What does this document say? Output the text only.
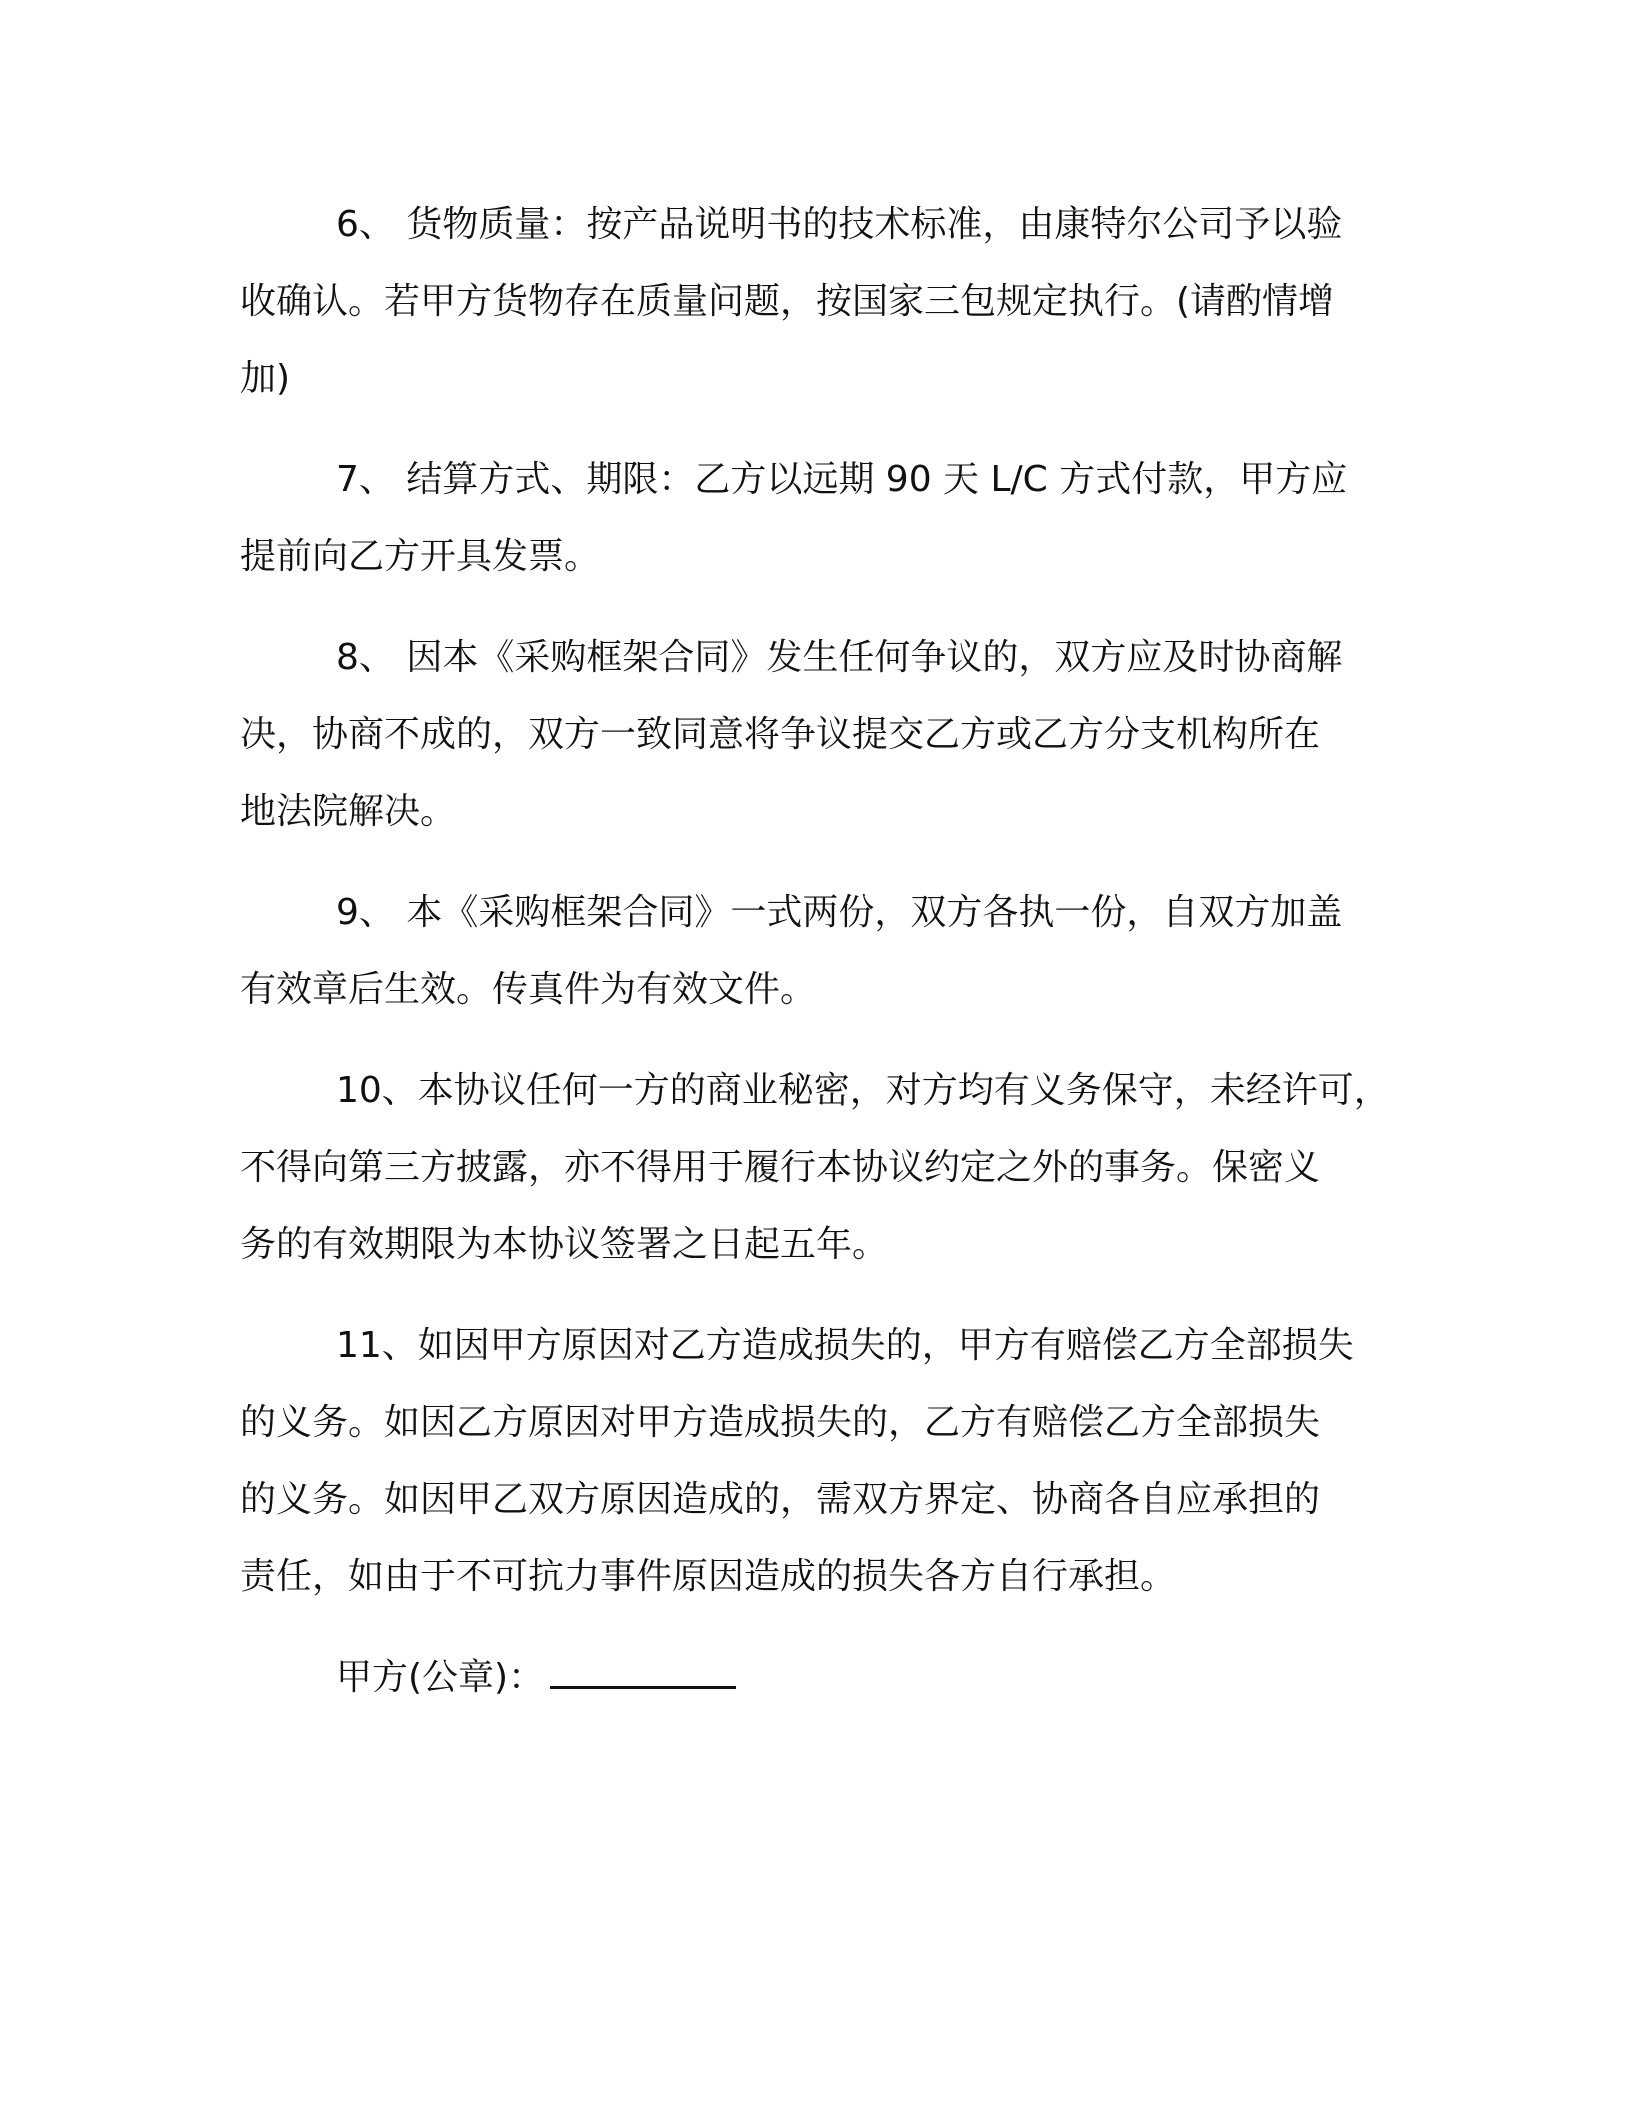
6、 货物质量：按产品说明书的技术标准，由康特尔公司予以验
收确认。若甲方货物存在质量问题，按国家三包规定执行。(请酌情增
加)
7、 结算方式、期限：乙方以远期 90 天 L/C 方式付款，甲方应
提前向乙方开具发票。
8、 因本《采购框架合同》发生任何争议的，双方应及时协商解
决，协商不成的，双方一致同意将争议提交乙方或乙方分支机构所在
地法院解决。
9、 本《采购框架合同》一式两份，双方各执一份，自双方加盖
有效章后生效。传真件为有效文件。
10、本协议任何一方的商业秘密，对方均有义务保守，未经许可，
不得向第三方披露，亦不得用于履行本协议约定之外的事务。保密义
务的有效期限为本协议签署之日起五年。
11、如因甲方原因对乙方造成损失的，甲方有赔偿乙方全部损失
的义务。如因乙方原因对甲方造成损失的，乙方有赔偿乙方全部损失
的义务。如因甲乙双方原因造成的，需双方界定、协商各自应承担的
责任，如由于不可抗力事件原因造成的损失各方自行承担。
甲方(公章)：
